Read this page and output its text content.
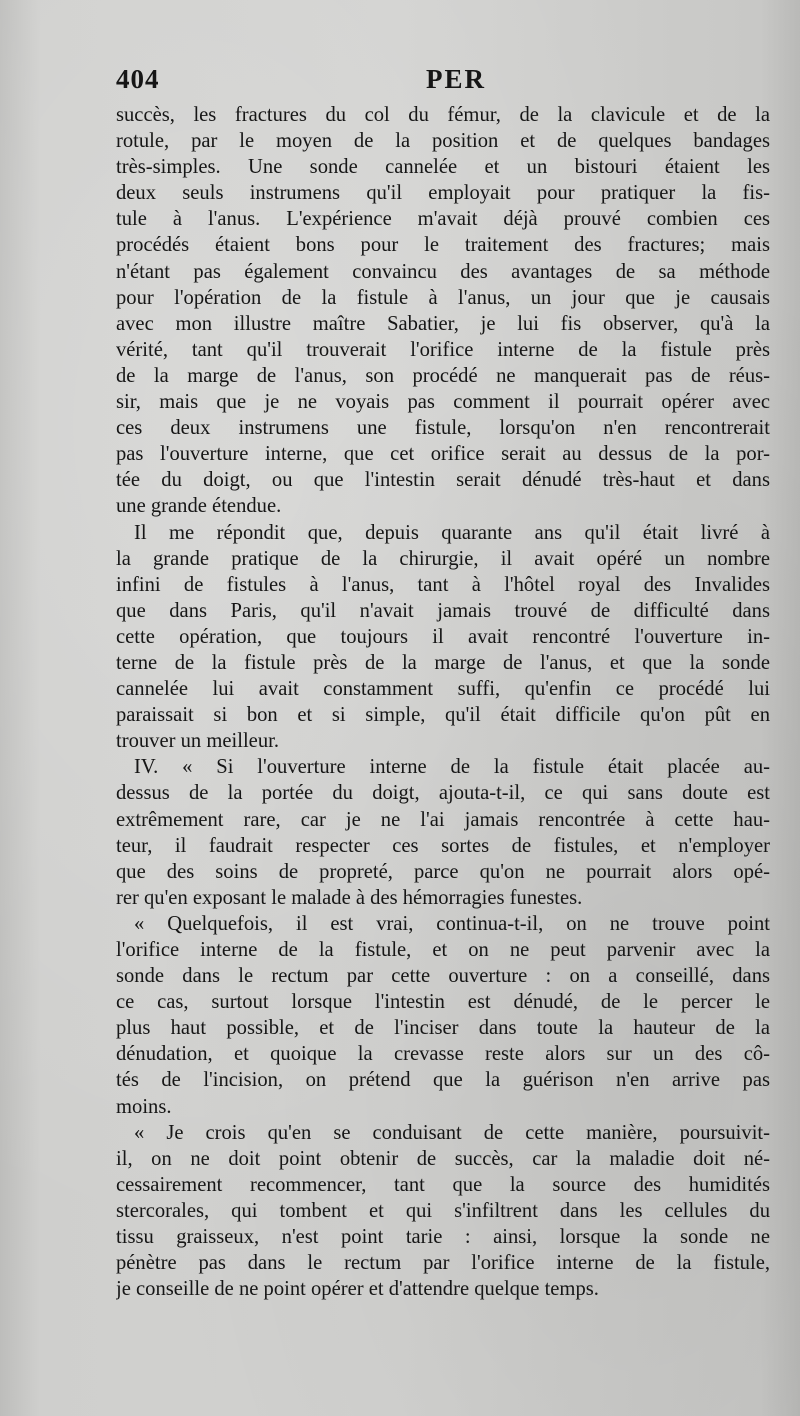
404	PER
succès, les fractures du col du fémur, de la clavicule et de la
rotule, par le moyen de la position et de quelques bandages
très-simples. Une sonde cannelée et un bistouri étaient les
deux seuls instrumens qu'il employait pour pratiquer la fis-
tule à l'anus. L'expérience m'avait déjà prouvé combien ces
procédés étaient bons pour le traitement des fractures; mais
n'étant pas également convaincu des avantages de sa méthode
pour l'opération de la fistule à l'anus, un jour que je causais
avec mon illustre maître Sabatier, je lui fis observer, qu'à la
vérité, tant qu'il trouverait l'orifice interne de la fistule près
de la marge de l'anus, son procédé ne manquerait pas de réus-
sir, mais que je ne voyais pas comment il pourrait opérer avec
ces deux instrumens une fistule, lorsqu'on n'en rencontrerait
pas l'ouverture interne, que cet orifice serait au dessus de la por-
tée du doigt, ou que l'intestin serait dénudé très-haut et dans
une grande étendue.
Il me répondit que, depuis quarante ans qu'il était livré à
la grande pratique de la chirurgie, il avait opéré un nombre
infini de fistules à l'anus, tant à l'hôtel royal des Invalides
que dans Paris, qu'il n'avait jamais trouvé de difficulté dans
cette opération, que toujours il avait rencontré l'ouverture in-
terne de la fistule près de la marge de l'anus, et que la sonde
cannelée lui avait constamment suffi, qu'enfin ce procédé lui
paraissait si bon et si simple, qu'il était difficile qu'on pût en
trouver un meilleur.
IV. « Si l'ouverture interne de la fistule était placée au-
dessus de la portée du doigt, ajouta-t-il, ce qui sans doute est
extrêmement rare, car je ne l'ai jamais rencontrée à cette hau-
teur, il faudrait respecter ces sortes de fistules, et n'employer
que des soins de propreté, parce qu'on ne pourrait alors opé-
rer qu'en exposant le malade à des hémorragies funestes.
« Quelquefois, il est vrai, continua-t-il, on ne trouve point
l'orifice interne de la fistule, et on ne peut parvenir avec la
sonde dans le rectum par cette ouverture : on a conseillé, dans
ce cas, surtout lorsque l'intestin est dénudé, de le percer le
plus haut possible, et de l'inciser dans toute la hauteur de la
dénudation, et quoique la crevasse reste alors sur un des cô-
tés de l'incision, on prétend que la guérison n'en arrive pas
moins.
« Je crois qu'en se conduisant de cette manière, poursuivit-
il, on ne doit point obtenir de succès, car la maladie doit né-
cessairement recommencer, tant que la source des humidités
stercorales, qui tombent et qui s'infiltrent dans les cellules du
tissu graisseux, n'est point tarie : ainsi, lorsque la sonde ne
pénètre pas dans le rectum par l'orifice interne de la fistule,
je conseille de ne point opérer et d'attendre quelque temps.
